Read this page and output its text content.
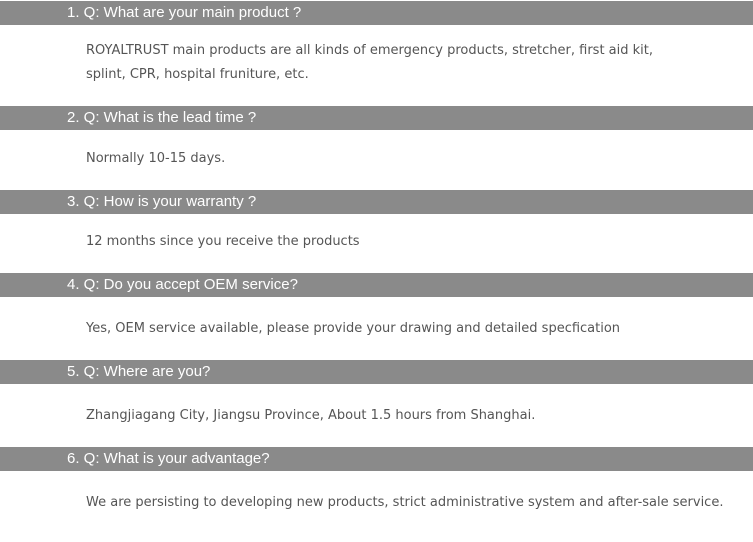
1. Q: What are your main product ?
ROYALTRUST main products are all kinds of emergency products, stretcher, first aid kit,
splint, CPR, hospital fruniture, etc.
2. Q: What is the lead time ?
Normally 10-15 days.
3. Q: How is your warranty ?
12 months since you receive the products
4. Q: Do you accept OEM service?
Yes, OEM service available, please provide your drawing and detailed specfication
5. Q: Where are you?
Zhangjiagang City, Jiangsu Province, About 1.5 hours from Shanghai.
6. Q: What is your advantage?
We are persisting to developing new products, strict administrative system and after-sale service.
